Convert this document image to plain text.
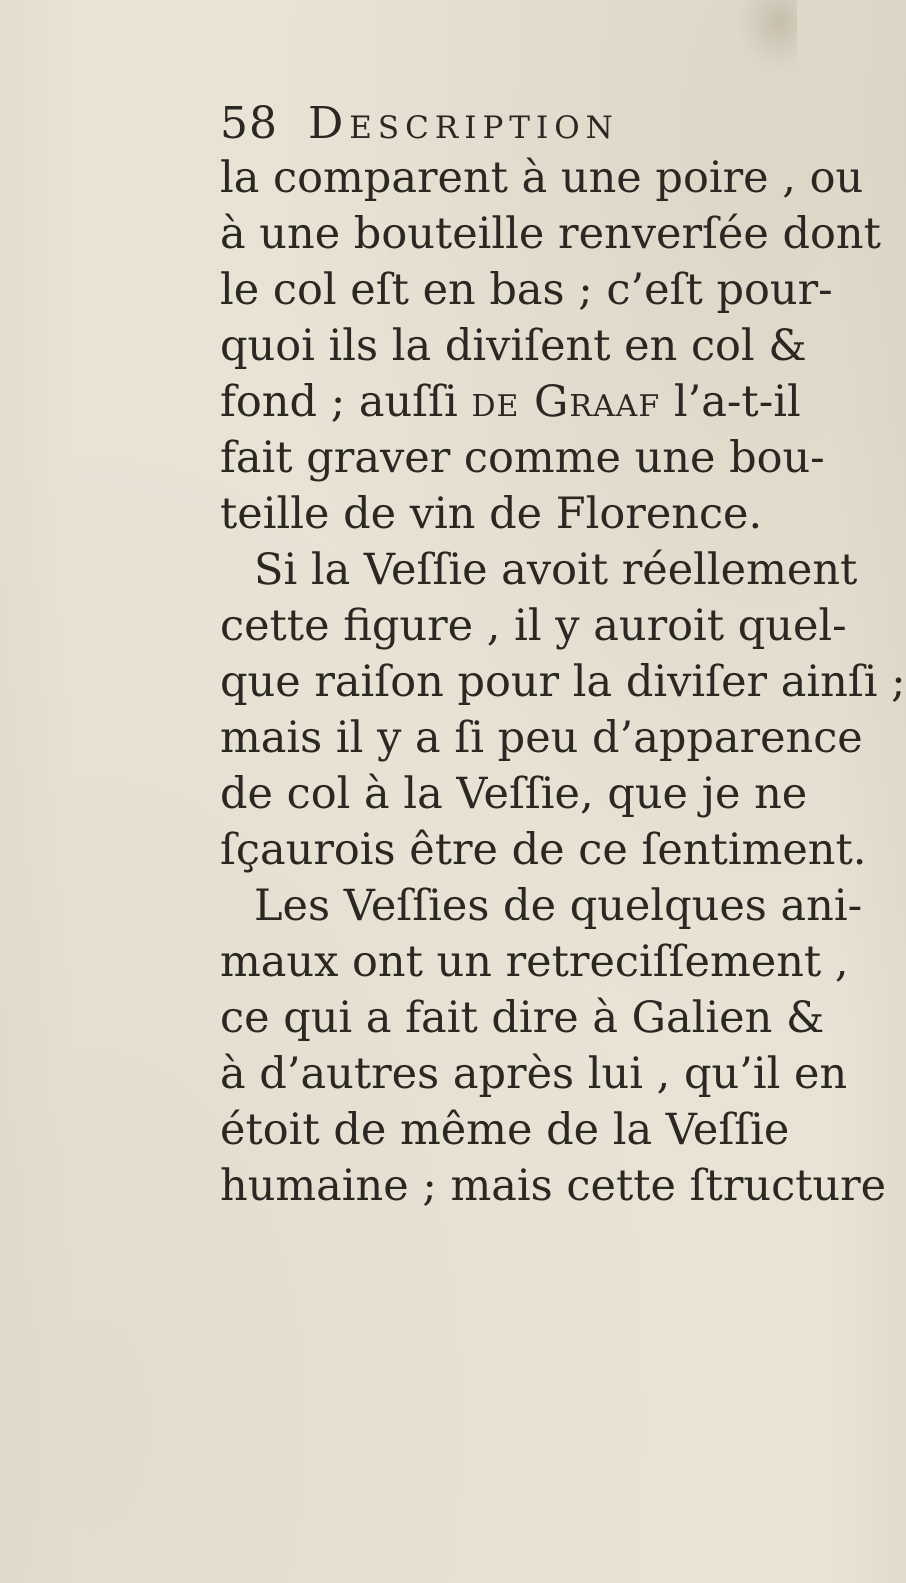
58 Description
la comparent à une poire , ou
à une bouteille renverſée dont
le col eſt en bas ; c’eſt pour-
quoi ils la diviſent en col &
fond ; auſſi de Graaf l’a-t-il
fait graver comme une bou-
teille de vin de Florence.
Si la Veſſie avoit réellement
cette figure , il y auroit quel-
que raiſon pour la diviſer ainſi ;
mais il y a ſi peu d’apparence
de col à la Veſſie, que je ne
ſçaurois être de ce ſentiment.
Les Veſſies de quelques ani-
maux ont un retreciſſement ,
ce qui a fait dire à Galien &
à d’autres après lui , qu’il en
étoit de même de la Veſſie
humaine ; mais cette ſtructure
